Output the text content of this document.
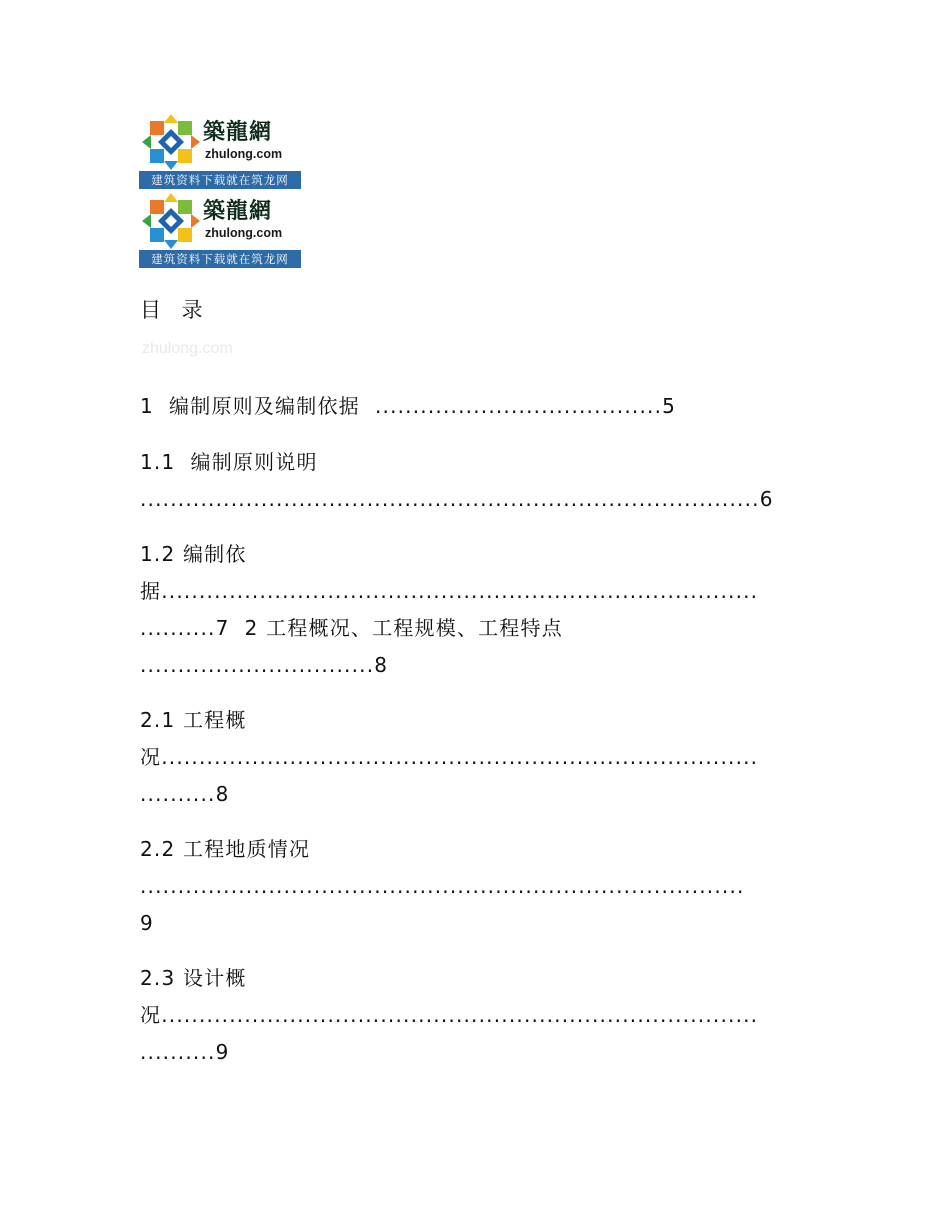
築龍網
zhulong.com
建筑资料下载就在筑龙网
築龍網
zhulong.com
建筑资料下载就在筑龙网
目 录
zhulong.com
1  编制原则及编制依据  ......................................5
1.1  编制原则说明
..................................................................................6
1.2 编制依
据...............................................................................
..........7  2 工程概况、工程规模、工程特点
...............................8
2.1 工程概
况...............................................................................
..........8
2.2 工程地质情况
................................................................................
9
2.3 设计概
况...............................................................................
..........9
